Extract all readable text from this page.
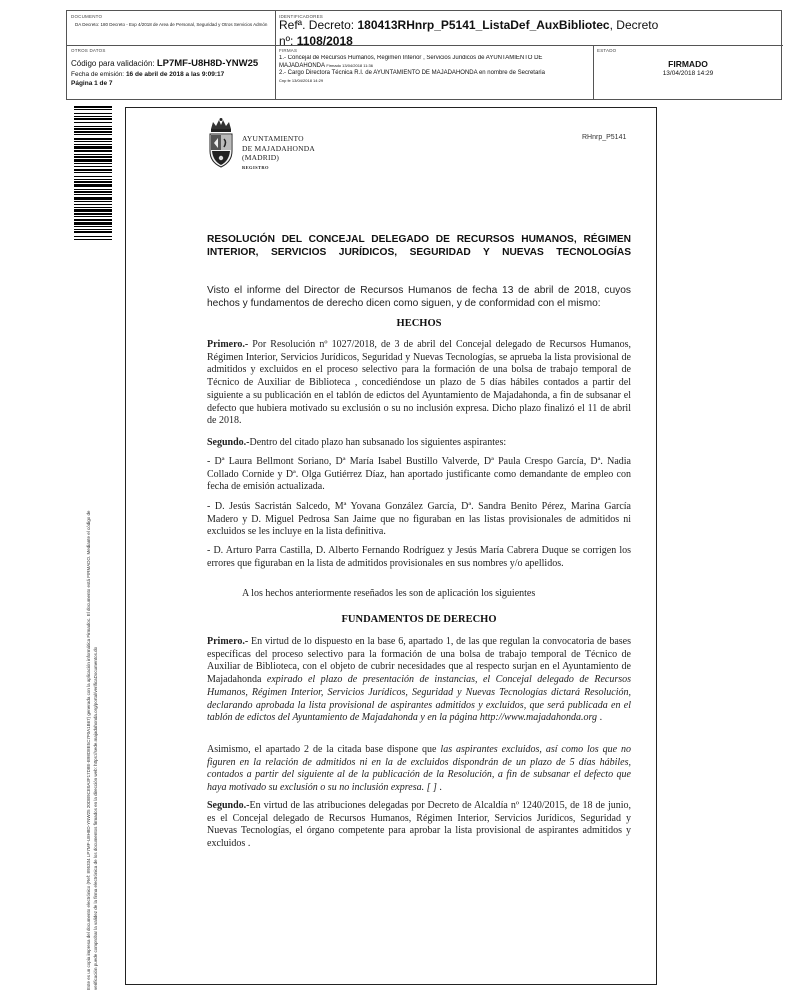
DOCUMENTO
DA Decreto: 180 Decreto - Exp 4/2018 de Area de Personal, Seguridad y Otros Servicios Admón
OTROS DATOS
Código para validación: LP7MF-U8H8D-YNW25
Fecha de emisión: 16 de abril de 2018 a las 9:09:17
Página 1 de 7
IDENTIFICADORES
Refª. Decreto: 180413RHnrp_P5141_ListaDef_AuxBibliotec, Decreto
nº: 1108/2018
FIRMAS
1.- Concejal de Recursos Humanos, Regimen Interior , Servicios Juridicos de AYUNTAMIENTO DE
MAJADAHONDA Firmado 13/04/2018 11:36
2.- Cargo Directora Técnica R.I. de AYUNTAMIENTO DE MAJADAHONDA en nombre de Secretaria
Cnp fe 13/04/2018 14:29
ESTADO
FIRMADO
13/04/2018 14:29
Este es un copia impresa del documento electrónico (Ref: 895334 LP7MF-U8H8D-YNW25 20DB9CE0A3F17D8E-B98D8E5C7F0A1B67) generada con la aplicación informática Firmadoc. El documento está FIRMADO. Mediante el código de verificación puede comprobar la validez de la firma electrónica de los documentos firmados en la dirección web: https://sede.majadahonda.org/portal/verificaDocumentos.do
AYUNTAMIENTO
DE MAJADAHONDA
(MADRID)
REGISTRO
RHnrp_P5141
RESOLUCIÓN DEL CONCEJAL DELEGADO DE RECURSOS HUMANOS, RÉGIMEN INTERIOR, SERVICIOS JURÍDICOS, SEGURIDAD Y NUEVAS TECNOLOGÍAS
Visto el informe del Director de Recursos Humanos de fecha 13 de abril de 2018, cuyos hechos y fundamentos de derecho dicen como siguen, y de conformidad con el mismo:
HECHOS
Primero.- Por Resolución nº 1027/2018, de 3 de abril del Concejal delegado de Recursos Humanos, Régimen Interior, Servicios Jurídicos, Seguridad y Nuevas Tecnologías, se aprueba la lista provisional de admitidos y excluidos en el proceso selectivo para la formación de una bolsa de trabajo temporal de Técnico de Auxiliar de Biblioteca , concediéndose un plazo de 5 días hábiles contados a partir del siguiente a su publicación en el tablón de edictos del Ayuntamiento de Majadahonda, a fin de subsanar el defecto que hubiera motivado su exclusión o su no inclusión expresa. Dicho plazo finalizó el 11 de abril de 2018.
Segundo.-Dentro del citado plazo han subsanado los siguientes aspirantes:
- Dª Laura Bellmont Soriano, Dª María Isabel Bustillo Valverde, Dª Paula Crespo García, Dª. Nadia Collado Cornide y Dª. Olga Gutiérrez Díaz, han aportado justificante como demandante de empleo con fecha de emisión actualizada.
- D. Jesús Sacristán Salcedo, Mª Yovana González García, Dª. Sandra Benito Pérez, Marina García Madero y D. Miguel Pedrosa San Jaime que no figuraban en las listas provisionales de admitidos ni excluidos se les incluye en la lista definitiva.
- D. Arturo Parra Castilla, D. Alberto Fernando Rodríguez y Jesús María Cabrera Duque se corrigen los errores que figuraban en la lista de admitidos provisionales en sus nombres y/o apellidos.
A los hechos anteriormente reseñados les son de aplicación los siguientes
FUNDAMENTOS DE DERECHO
Primero.- En virtud de lo dispuesto en la base 6, apartado 1, de las que regulan la convocatoria de bases específicas del proceso selectivo para la formación de una bolsa de trabajo temporal de Técnico de Auxiliar de Biblioteca, con el objeto de cubrir necesidades que al respecto surjan en el Ayuntamiento de Majadahonda expirado el plazo de presentación de instancias, el Concejal delegado de Recursos Humanos, Régimen Interior, Servicios Jurídicos, Seguridad y Nuevas Tecnologías dictará Resolución, declarando aprobada la lista provisional de aspirantes admitidos y excluidos, que será publicada en el tablón de edictos del Ayuntamiento de Majadahonda y en la página http://www.majadahonda.org .
Asimismo, el apartado 2 de la citada base dispone que las aspirantes excluidos, así como los que no figuren en la relación de admitidos ni en la de excluidos dispondrán de un plazo de 5 días hábiles, contados a partir del siguiente al de la publicación de la Resolución, a fin de subsanar el defecto que haya motivado su exclusión o su no inclusión expresa. [ ] .
Segundo.-En virtud de las atribuciones delegadas por Decreto de Alcaldía nº 1240/2015, de 18 de junio, es el Concejal delegado de Recursos Humanos, Régimen Interior, Servicios Jurídicos, Seguridad y Nuevas Tecnologías, el órgano competente para aprobar la lista provisional de aspirantes admitidos y excluidos .
